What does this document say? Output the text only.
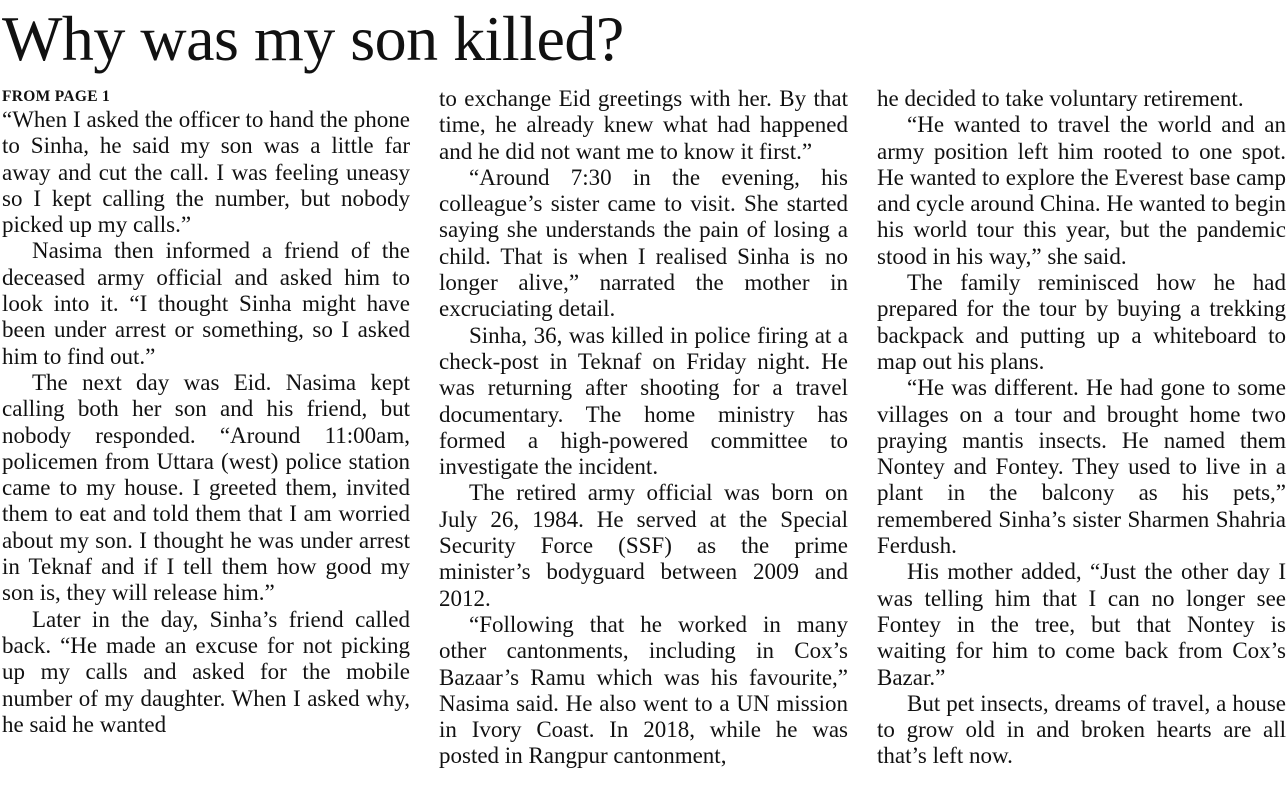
Why was my son killed?
FROM PAGE 1

“When I asked the officer to hand the phone to Sinha, he said my son was a little far away and cut the call. I was feeling uneasy so I kept calling the number, but nobody picked up my calls.”

Nasima then informed a friend of the deceased army official and asked him to look into it. “I thought Sinha might have been under arrest or something, so I asked him to find out.”

The next day was Eid. Nasima kept calling both her son and his friend, but nobody responded. “Around 11:00am, policemen from Uttara (west) police station came to my house. I greeted them, invited them to eat and told them that I am worried about my son. I thought he was under arrest in Teknaf and if I tell them how good my son is, they will release him.”

Later in the day, Sinha’s friend called back. “He made an excuse for not picking up my calls and asked for the mobile number of my daughter. When I asked why, he said he wanted

to exchange Eid greetings with her. By that time, he already knew what had happened and he did not want me to know it first.”

“Around 7:30 in the evening, his colleague’s sister came to visit. She started saying she understands the pain of losing a child. That is when I realised Sinha is no longer alive,” narrated the mother in excruciating detail.

Sinha, 36, was killed in police firing at a check-post in Teknaf on Friday night. He was returning after shooting for a travel documentary. The home ministry has formed a high-powered committee to investigate the incident.

The retired army official was born on July 26, 1984. He served at the Special Security Force (SSF) as the prime minister’s bodyguard between 2009 and 2012.

“Following that he worked in many other cantonments, including in Cox’s Bazaar’s Ramu which was his favourite,” Nasima said. He also went to a UN mission in Ivory Coast. In 2018, while he was posted in Rangpur cantonment,

he decided to take voluntary retirement.

“He wanted to travel the world and an army position left him rooted to one spot. He wanted to explore the Everest base camp and cycle around China. He wanted to begin his world tour this year, but the pandemic stood in his way,” she said.

The family reminisced how he had prepared for the tour by buying a trekking backpack and putting up a whiteboard to map out his plans.

“He was different. He had gone to some villages on a tour and brought home two praying mantis insects. He named them Nontey and Fontey. They used to live in a plant in the balcony as his pets,” remembered Sinha’s sister Sharmen Shahria Ferdush.

His mother added, “Just the other day I was telling him that I can no longer see Fontey in the tree, but that Nontey is waiting for him to come back from Cox’s Bazar.”

But pet insects, dreams of travel, a house to grow old in and broken hearts are all that’s left now.
